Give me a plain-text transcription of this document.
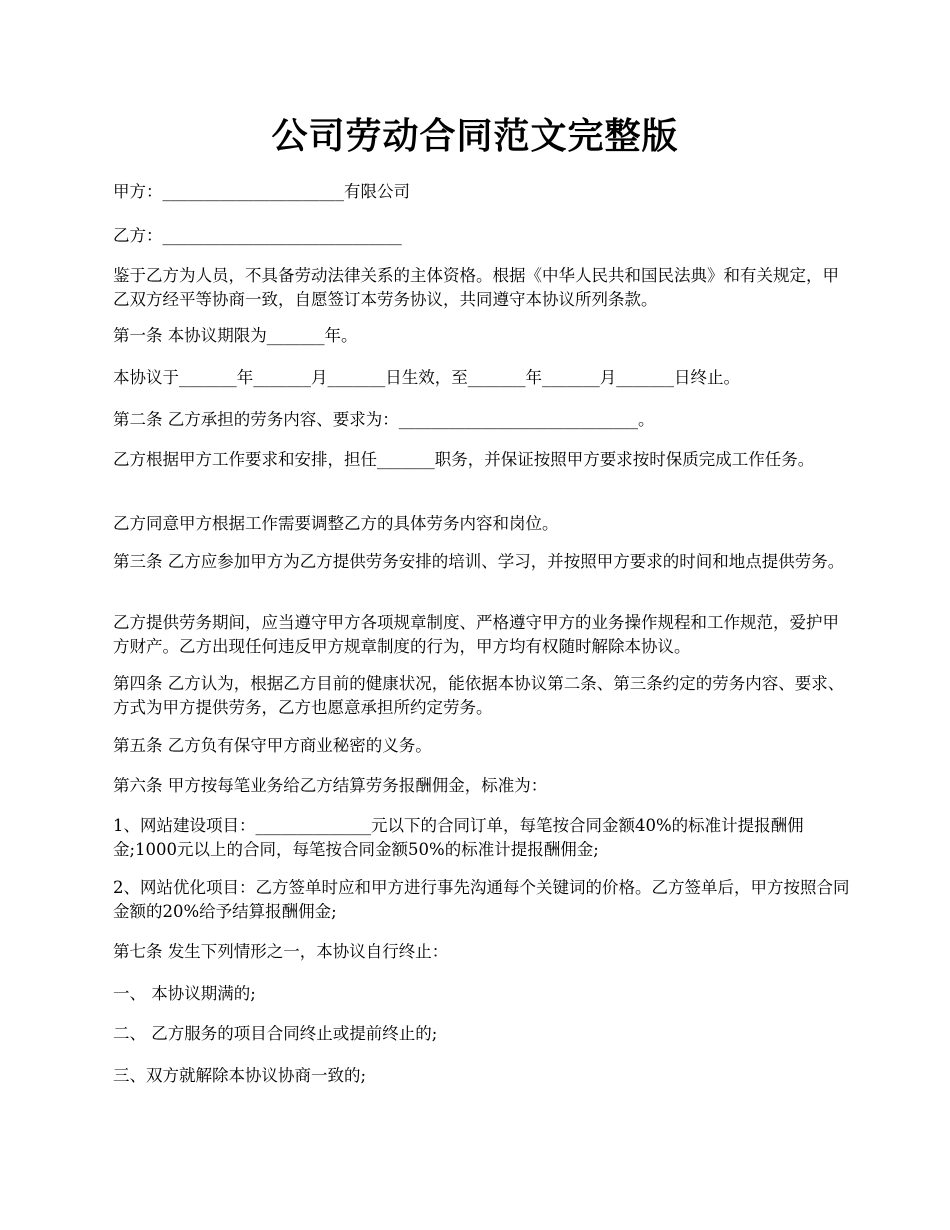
公司劳动合同范文完整版

甲方：______________________有限公司

乙方：_____________________________

鉴于乙方为人员，不具备劳动法律关系的主体资格。根据《中华人民共和国民法典》和有关规定，甲乙双方经平等协商一致，自愿签订本劳务协议，共同遵守本协议所列条款。

第一条 本协议期限为_______年。

本协议于_______年_______月_______日生效，至_______年_______月_______日终止。

第二条 乙方承担的劳务内容、要求为：_____________________________。

乙方根据甲方工作要求和安排，担任_______职务，并保证按照甲方要求按时保质完成工作任务。

乙方同意甲方根据工作需要调整乙方的具体劳务内容和岗位。

第三条 乙方应参加甲方为乙方提供劳务安排的培训、学习，并按照甲方要求的时间和地点提供劳务。

乙方提供劳务期间，应当遵守甲方各项规章制度、严格遵守甲方的业务操作规程和工作规范，爱护甲方财产。乙方出现任何违反甲方规章制度的行为，甲方均有权随时解除本协议。

第四条 乙方认为，根据乙方目前的健康状况，能依据本协议第二条、第三条约定的劳务内容、要求、方式为甲方提供劳务，乙方也愿意承担所约定劳务。

第五条 乙方负有保守甲方商业秘密的义务。

第六条 甲方按每笔业务给乙方结算劳务报酬佣金，标准为：

1、网站建设项目：______________元以下的合同订单，每笔按合同金额40%的标准计提报酬佣金;1000元以上的合同，每笔按合同金额50%的标准计提报酬佣金;

2、网站优化项目：乙方签单时应和甲方进行事先沟通每个关键词的价格。乙方签单后，甲方按照合同金额的20%给予结算报酬佣金;

第七条 发生下列情形之一，本协议自行终止：

一、 本协议期满的;

二、 乙方服务的项目合同终止或提前终止的;

三、双方就解除本协议协商一致的;
